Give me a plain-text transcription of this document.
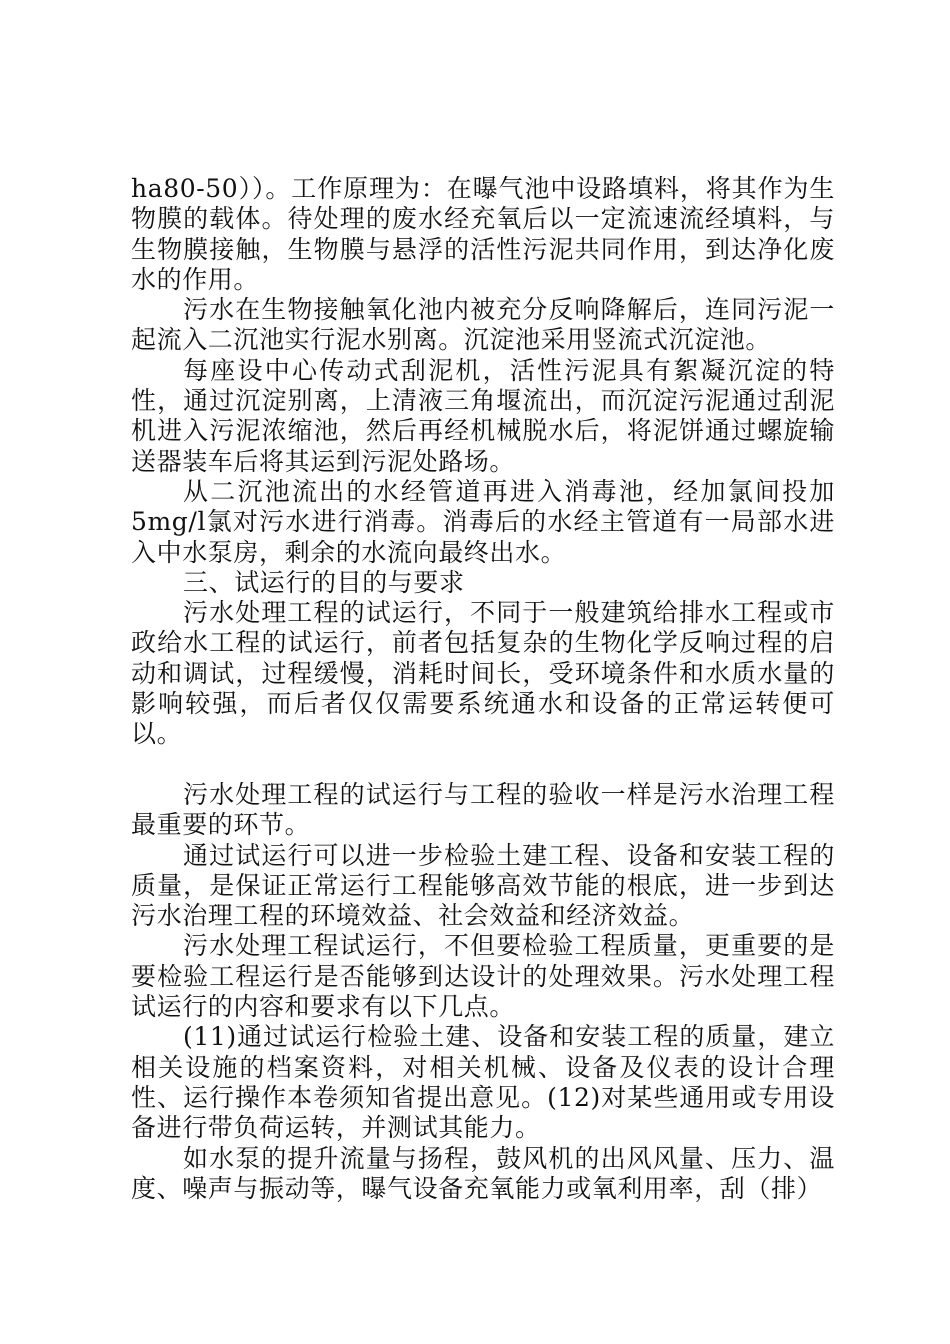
ha80-50））。工作原理为：在曝气池中设路填料，将其作为生物膜的载体。待处理的废水经充氧后以一定流速流经填料，与生物膜接触，生物膜与悬浮的活性污泥共同作用，到达净化废水的作用。

污水在生物接触氧化池内被充分反响降解后，连同污泥一起流入二沉池实行泥水别离。沉淀池采用竖流式沉淀池。

每座设中心传动式刮泥机，活性污泥具有絮凝沉淀的特性，通过沉淀别离，上清液三角堰流出，而沉淀污泥通过刮泥机进入污泥浓缩池，然后再经机械脱水后，将泥饼通过螺旋输送器装车后将其运到污泥处路场。

从二沉池流出的水经管道再进入消毒池，经加氯间投加5mg/l氯对污水进行消毒。消毒后的水经主管道有一局部水进入中水泵房，剩余的水流向最终出水。

三、试运行的目的与要求

污水处理工程的试运行，不同于一般建筑给排水工程或市政给水工程的试运行，前者包括复杂的生物化学反响过程的启动和调试，过程缓慢，消耗时间长，受环境条件和水质水量的影响较强，而后者仅仅需要系统通水和设备的正常运转便可以。

污水处理工程的试运行与工程的验收一样是污水治理工程最重要的环节。

通过试运行可以进一步检验土建工程、设备和安装工程的质量，是保证正常运行工程能够高效节能的根底，进一步到达污水治理工程的环境效益、社会效益和经济效益。

污水处理工程试运行，不但要检验工程质量，更重要的是要检验工程运行是否能够到达设计的处理效果。污水处理工程试运行的内容和要求有以下几点。

(11)通过试运行检验土建、设备和安装工程的质量，建立相关设施的档案资料，对相关机械、设备及仪表的设计合理性、运行操作本卷须知省提出意见。(12)对某些通用或专用设备进行带负荷运转，并测试其能力。

如水泵的提升流量与扬程，鼓风机的出风风量、压力、温度、噪声与振动等，曝气设备充氧能力或氧利用率，刮（排）
